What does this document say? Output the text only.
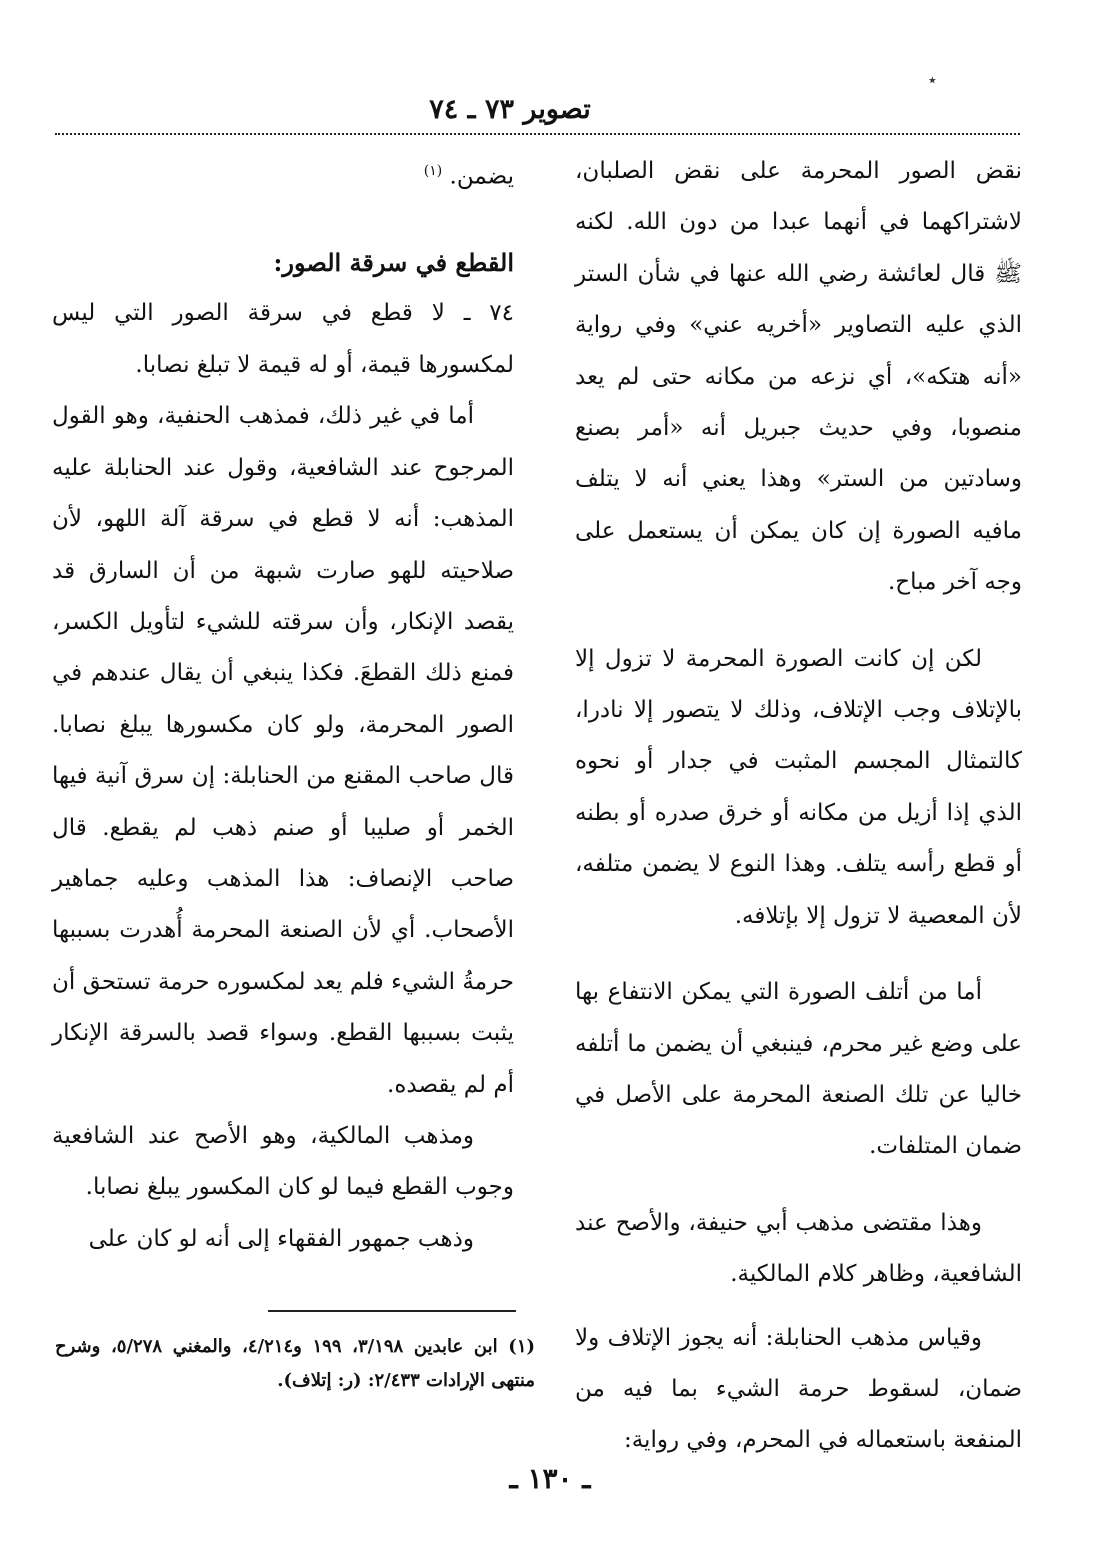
٭
تصوير ٧٣ ـ ٧٤

نقض الصور المحرمة على نقض الصلبان، لاشتراكهما في أنهما عبدا من دون الله. لكنه ﷺ قال لعائشة رضي الله عنها في شأن الستر الذي عليه التصاوير «أخريه عني» وفي رواية «أنه هتكه»، أي نزعه من مكانه حتى لم يعد منصوبا، وفي حديث جبريل أنه «أمر بصنع وسادتين من الستر» وهذا يعني أنه لا يتلف مافيه الصورة إن كان يمكن أن يستعمل على وجه آخر مباح.

لكن إن كانت الصورة المحرمة لا تزول إلا بالإتلاف وجب الإتلاف، وذلك لا يتصور إلا نادرا، كالتمثال المجسم المثبت في جدار أو نحوه الذي إذا أزيل من مكانه أو خرق صدره أو بطنه أو قطع رأسه يتلف. وهذا النوع لا يضمن متلفه، لأن المعصية لا تزول إلا بإتلافه.

أما من أتلف الصورة التي يمكن الانتفاع بها على وضع غير محرم، فينبغي أن يضمن ما أتلفه خاليا عن تلك الصنعة المحرمة على الأصل في ضمان المتلفات.

وهذا مقتضى مذهب أبي حنيفة، والأصح عند الشافعية، وظاهر كلام المالكية.

وقياس مذهب الحنابلة: أنه يجوز الإتلاف ولا ضمان، لسقوط حرمة الشيء بما فيه من المنفعة باستعماله في المحرم، وفي رواية:

يضمن. $^{(١)}$

القطع في سرقة الصور:

٧٤ ـ لا قطع في سرقة الصور التي ليس لمكسورها قيمة، أو له قيمة لا تبلغ نصابا.

أما في غير ذلك، فمذهب الحنفية، وهو القول المرجوح عند الشافعية، وقول عند الحنابلة عليه المذهب: أنه لا قطع في سرقة آلة اللهو، لأن صلاحيته للهو صارت شبهة من أن السارق قد يقصد الإنكار، وأن سرقته للشيء لتأويل الكسر، فمنع ذلك القطعَ. فكذا ينبغي أن يقال عندهم في الصور المحرمة، ولو كان مكسورها يبلغ نصابا. قال صاحب المقنع من الحنابلة: إن سرق آنية فيها الخمر أو صليبا أو صنم ذهب لم يقطع. قال صاحب الإنصاف: هذا المذهب وعليه جماهير الأصحاب. أي لأن الصنعة المحرمة أُهدرت بسببها حرمةُ الشيء فلم يعد لمكسوره حرمة تستحق أن يثبت بسببها القطع. وسواء قصد بالسرقة الإنكار أم لم يقصده.

ومذهب المالكية، وهو الأصح عند الشافعية وجوب القطع فيما لو كان المكسور يبلغ نصابا.

وذهب جمهور الفقهاء إلى أنه لو كان على

(١) ابن عابدين ٣/١٩٨، ١٩٩ و٤/٢١٤، والمغني ٥/٢٧٨، وشرح منتهى الإرادات ٢/٤٣٣: (ر: إتلاف).

ـ ١٣٠ ـ
